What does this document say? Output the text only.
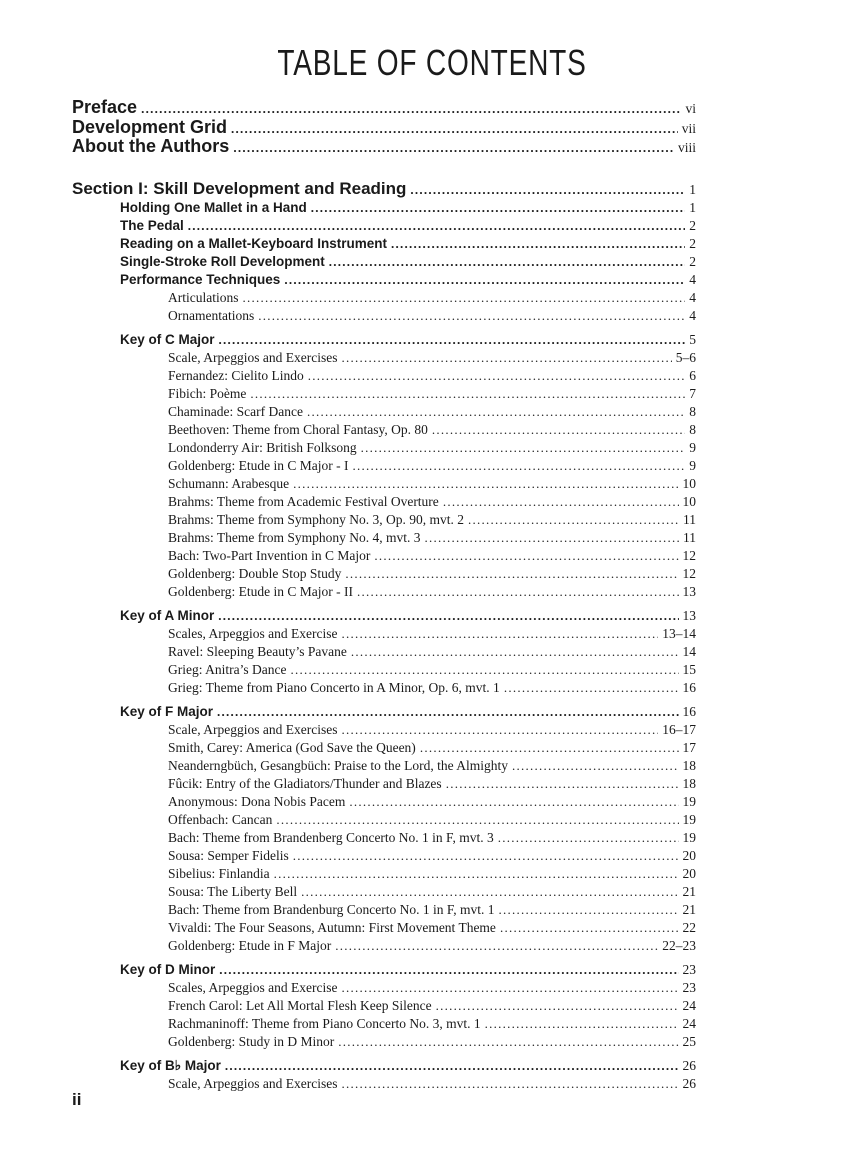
TABLE OF CONTENTS
Preface . . .	vi
Development Grid . . .	vii
About the Authors . . .	viii
Section I: Skill Development and Reading . . .	1
Holding One Mallet in a Hand . . .	1
The Pedal . . .	2
Reading on a Mallet-Keyboard Instrument . . .	2
Single-Stroke Roll Development . . .	2
Performance Techniques . . .	4
Articulations . . .	4
Ornamentations . . .	4
Key of C Major . . .	5
Scale, Arpeggios and Exercises . . .	5–6
Fernandez: Cielito Lindo . . .	6
Fibich: Poème . . .	7
Chaminade: Scarf Dance . . .	8
Beethoven: Theme from Choral Fantasy, Op. 80 . . .	8
Londonderry Air: British Folksong . . .	9
Goldenberg: Etude in C Major - I . . .	9
Schumann: Arabesque . . .	10
Brahms: Theme from Academic Festival Overture . . .	10
Brahms: Theme from Symphony No. 3, Op. 90, mvt. 2 . . .	11
Brahms: Theme from Symphony No. 4, mvt. 3 . . .	11
Bach: Two-Part Invention in C Major . . .	12
Goldenberg: Double Stop Study . . .	12
Goldenberg: Etude in C Major - II . . .	13
Key of A Minor . . .	13
Scales, Arpeggios and Exercise . . .	13–14
Ravel: Sleeping Beauty’s Pavane . . .	14
Grieg: Anitra’s Dance . . .	15
Grieg: Theme from Piano Concerto in A Minor, Op. 6, mvt. 1 . . .	16
Key of F Major . . .	16
Scale, Arpeggios and Exercises . . .	16–17
Smith, Carey: America (God Save the Queen) . . .	17
Neanderngbüch, Gesangbüch: Praise to the Lord, the Almighty . . .	18
Fûcik: Entry of the Gladiators/Thunder and Blazes . . .	18
Anonymous: Dona Nobis Pacem . . .	19
Offenbach: Cancan . . .	19
Bach: Theme from Brandenberg Concerto No. 1 in F, mvt. 3 . . .	19
Sousa: Semper Fidelis . . .	20
Sibelius: Finlandia . . .	20
Sousa: The Liberty Bell . . .	21
Bach: Theme from Brandenburg Concerto No. 1 in F, mvt. 1 . . .	21
Vivaldi: The Four Seasons, Autumn: First Movement Theme . . .	22
Goldenberg: Etude in F Major . . .	22–23
Key of D Minor . . .	23
Scales, Arpeggios and Exercise . . .	23
French Carol: Let All Mortal Flesh Keep Silence . . .	24
Rachmaninoff: Theme from Piano Concerto No. 3, mvt. 1 . . .	24
Goldenberg: Study in D Minor . . .	25
Key of B♭ Major . . .	26
Scale, Arpeggios and Exercises . . .	26
ii
